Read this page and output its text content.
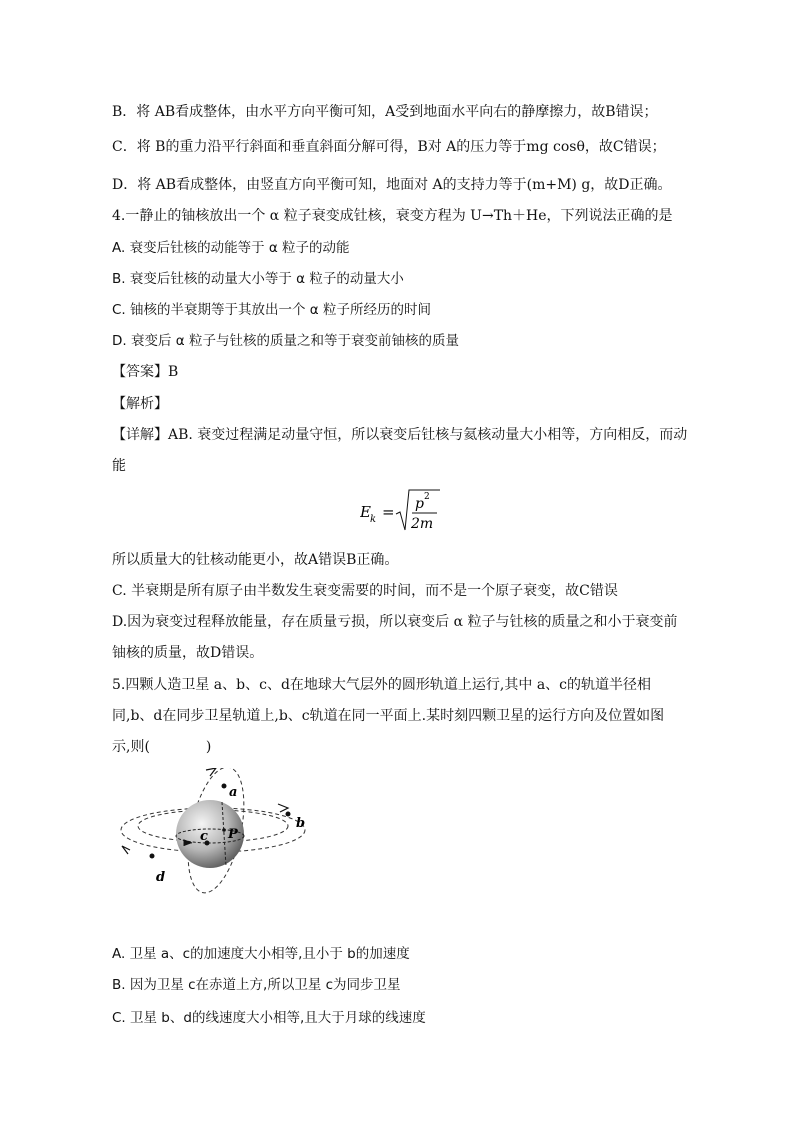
B．将 AB看成整体，由水平方向平衡可知，A受到地面水平向右的静摩擦力，故B错误；
C．将 B的重力沿平行斜面和垂直斜面分解可得，B对 A的压力等于mg cosθ，故C错误；
D．将 AB看成整体，由竖直方向平衡可知，地面对 A的支持力等于(m+M) g，故D正确。
4.一静止的铀核放出一个 α 粒子衰变成钍核，衰变方程为 U→Th＋He，下列说法正确的是
A. 衰变后钍核的动能等于 α 粒子的动能
B. 衰变后钍核的动量大小等于 α 粒子的动量大小
C. 铀核的半衰期等于其放出一个 α 粒子所经历的时间
D. 衰变后 α 粒子与钍核的质量之和等于衰变前铀核的质量
【答案】B
【解析】
【详解】AB. 衰变过程满足动量守恒，所以衰变后钍核与氦核动量大小相等，方向相反，而动
能
E k = p 2
2m
所以质量大的钍核动能更小，故A错误B正确。
C. 半衰期是所有原子由半数发生衰变需要的时间，而不是一个原子衰变，故C错误
D.因为衰变过程释放能量，存在质量亏损，所以衰变后 α 粒子与钍核的质量之和小于衰变前
铀核的质量，故D错误。
5.四颗人造卫星 a、b、c、d在地球大气层外的圆形轨道上运行,其中 a、c的轨道半径相
同,b、d在同步卫星轨道上,b、c轨道在同一平面上.某时刻四颗卫星的运行方向及位置如图
示,则(　　　　)
a
b
c
d
P
A. 卫星 a、c的加速度大小相等,且小于 b的加速度
B. 因为卫星 c在赤道上方,所以卫星 c为同步卫星
C. 卫星 b、d的线速度大小相等,且大于月球的线速度
